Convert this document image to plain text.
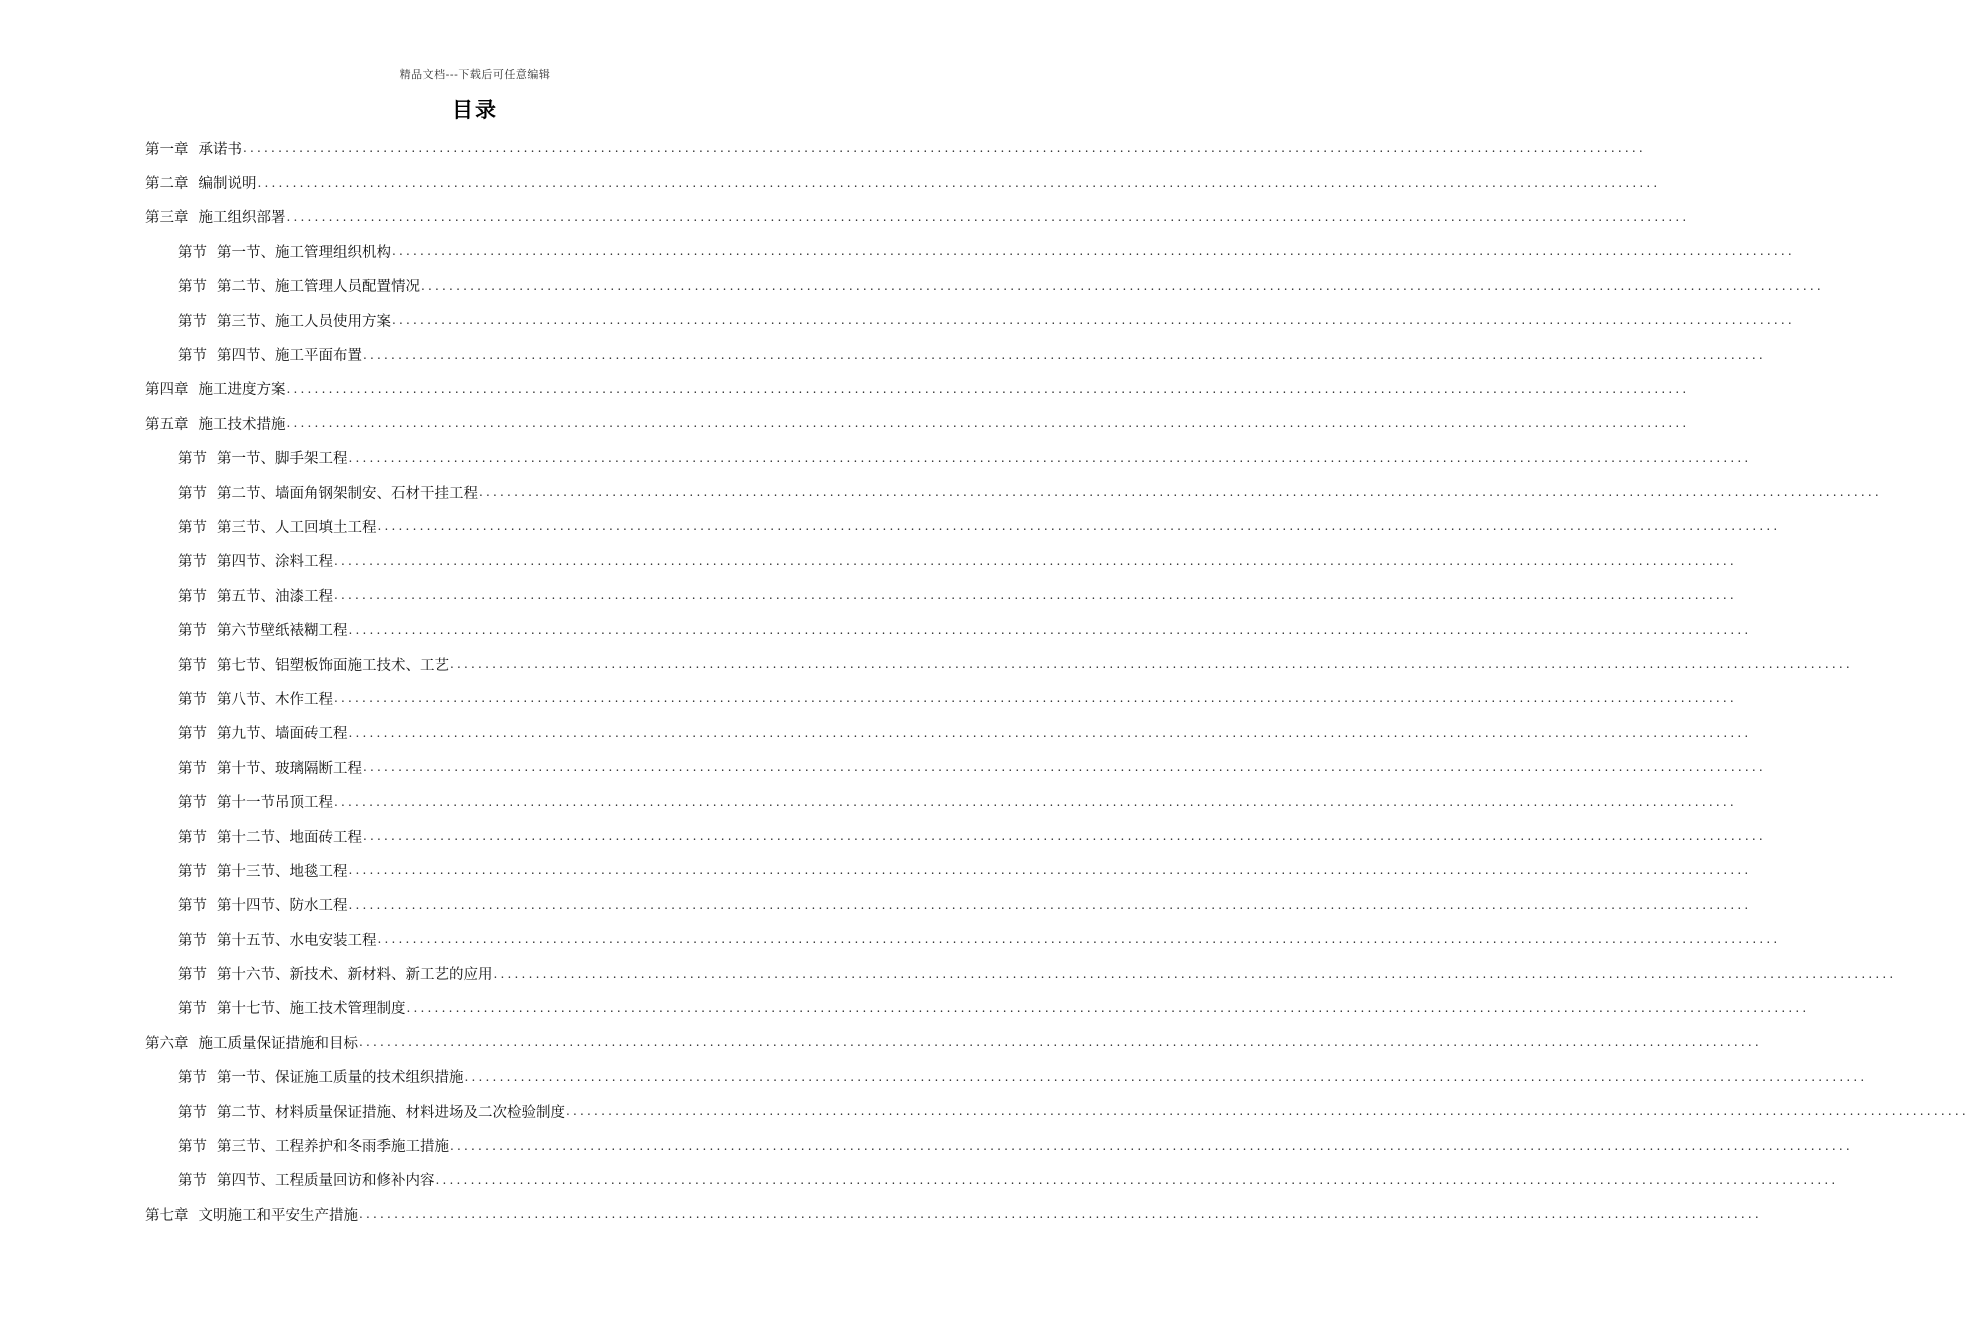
精品文档---下载后可任意编辑
目录
第一章 承诺书 ........................................................................................................................................................................................................
第二章 编制说明 ........................................................................................................................................................................................................
第三章 施工组织部署 ........................................................................................................................................................................................................
第节 第一节、施工管理组织机构 ........................................................................................................................................................................................................
第节 第二节、施工管理人员配置情况 ........................................................................................................................................................................................................
第节 第三节、施工人员使用方案 ........................................................................................................................................................................................................
第节 第四节、施工平面布置 ........................................................................................................................................................................................................
第四章 施工进度方案 ........................................................................................................................................................................................................
第五章 施工技术措施 ........................................................................................................................................................................................................
第节 第一节、脚手架工程 ........................................................................................................................................................................................................
第节 第二节、墙面角钢架制安、石材干挂工程 ........................................................................................................................................................................................................
第节 第三节、人工回填土工程 ........................................................................................................................................................................................................
第节 第四节、涂料工程 ........................................................................................................................................................................................................
第节 第五节、油漆工程 ........................................................................................................................................................................................................
第节 第六节壁纸裱糊工程 ........................................................................................................................................................................................................
第节 第七节、铝塑板饰面施工技术、工艺 ........................................................................................................................................................................................................
第节 第八节、木作工程 ........................................................................................................................................................................................................
第节 第九节、墙面砖工程 ........................................................................................................................................................................................................
第节 第十节、玻璃隔断工程 ........................................................................................................................................................................................................
第节 第十一节吊顶工程 ........................................................................................................................................................................................................
第节 第十二节、地面砖工程 ........................................................................................................................................................................................................
第节 第十三节、地毯工程 ........................................................................................................................................................................................................
第节 第十四节、防水工程 ........................................................................................................................................................................................................
第节 第十五节、水电安装工程 ........................................................................................................................................................................................................
第节 第十六节、新技术、新材料、新工艺的应用 ........................................................................................................................................................................................................
第节 第十七节、施工技术管理制度 ........................................................................................................................................................................................................
第六章 施工质量保证措施和目标 ........................................................................................................................................................................................................
第节 第一节、保证施工质量的技术组织措施 ........................................................................................................................................................................................................
第节 第二节、材料质量保证措施、材料进场及二次检验制度 ........................................................................................................................................................................................................
第节 第三节、工程养护和冬雨季施工措施 ........................................................................................................................................................................................................
第节 第四节、工程质量回访和修补内容 ........................................................................................................................................................................................................
第七章 文明施工和平安生产措施 ........................................................................................................................................................................................................
